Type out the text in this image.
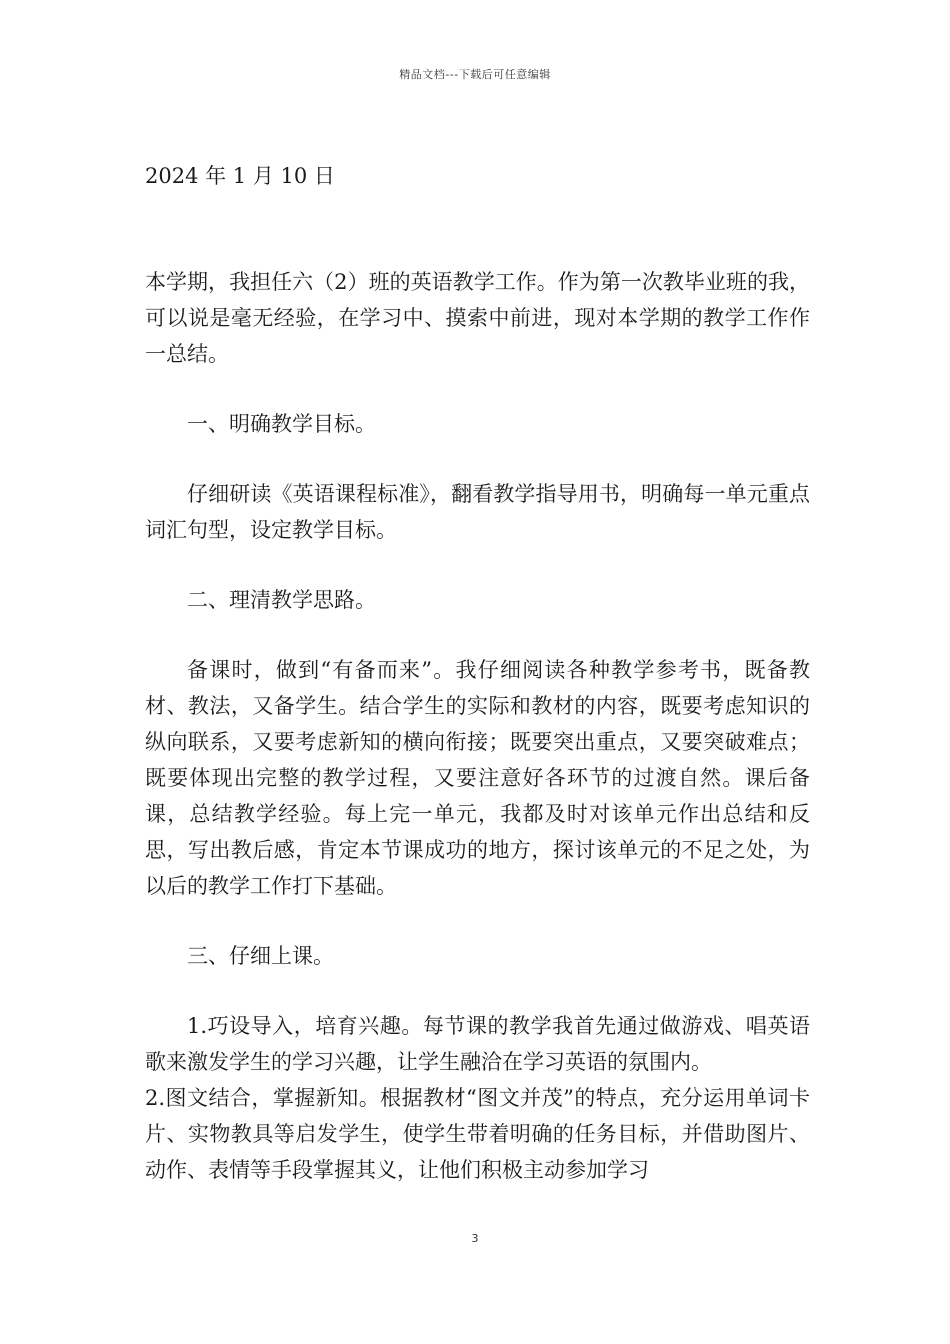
精品文档---下载后可任意编辑

2024 年 1 月 10 日

本学期，我担任六（2）班的英语教学工作。作为第一次教毕业班的我，可以说是毫无经验，在学习中、摸索中前进，现对本学期的教学工作作一总结。

一、明确教学目标。

仔细研读《英语课程标准》，翻看教学指导用书，明确每一单元重点词汇句型，设定教学目标。

二、理清教学思路。

备课时，做到“有备而来”。我仔细阅读各种教学参考书，既备教材、教法，又备学生。结合学生的实际和教材的内容，既要考虑知识的纵向联系，又要考虑新知的横向衔接；既要突出重点，又要突破难点；既要体现出完整的教学过程，又要注意好各环节的过渡自然。课后备课，总结教学经验。每上完一单元，我都及时对该单元作出总结和反思，写出教后感，肯定本节课成功的地方，探讨该单元的不足之处，为以后的教学工作打下基础。

三、仔细上课。

1.巧设导入，培育兴趣。每节课的教学我首先通过做游戏、唱英语歌来激发学生的学习兴趣，让学生融洽在学习英语的氛围内。

2.图文结合，掌握新知。根据教材“图文并茂”的特点，充分运用单词卡片、实物教具等启发学生，使学生带着明确的任务目标，并借助图片、动作、表情等手段掌握其义，让他们积极主动参加学习

3
